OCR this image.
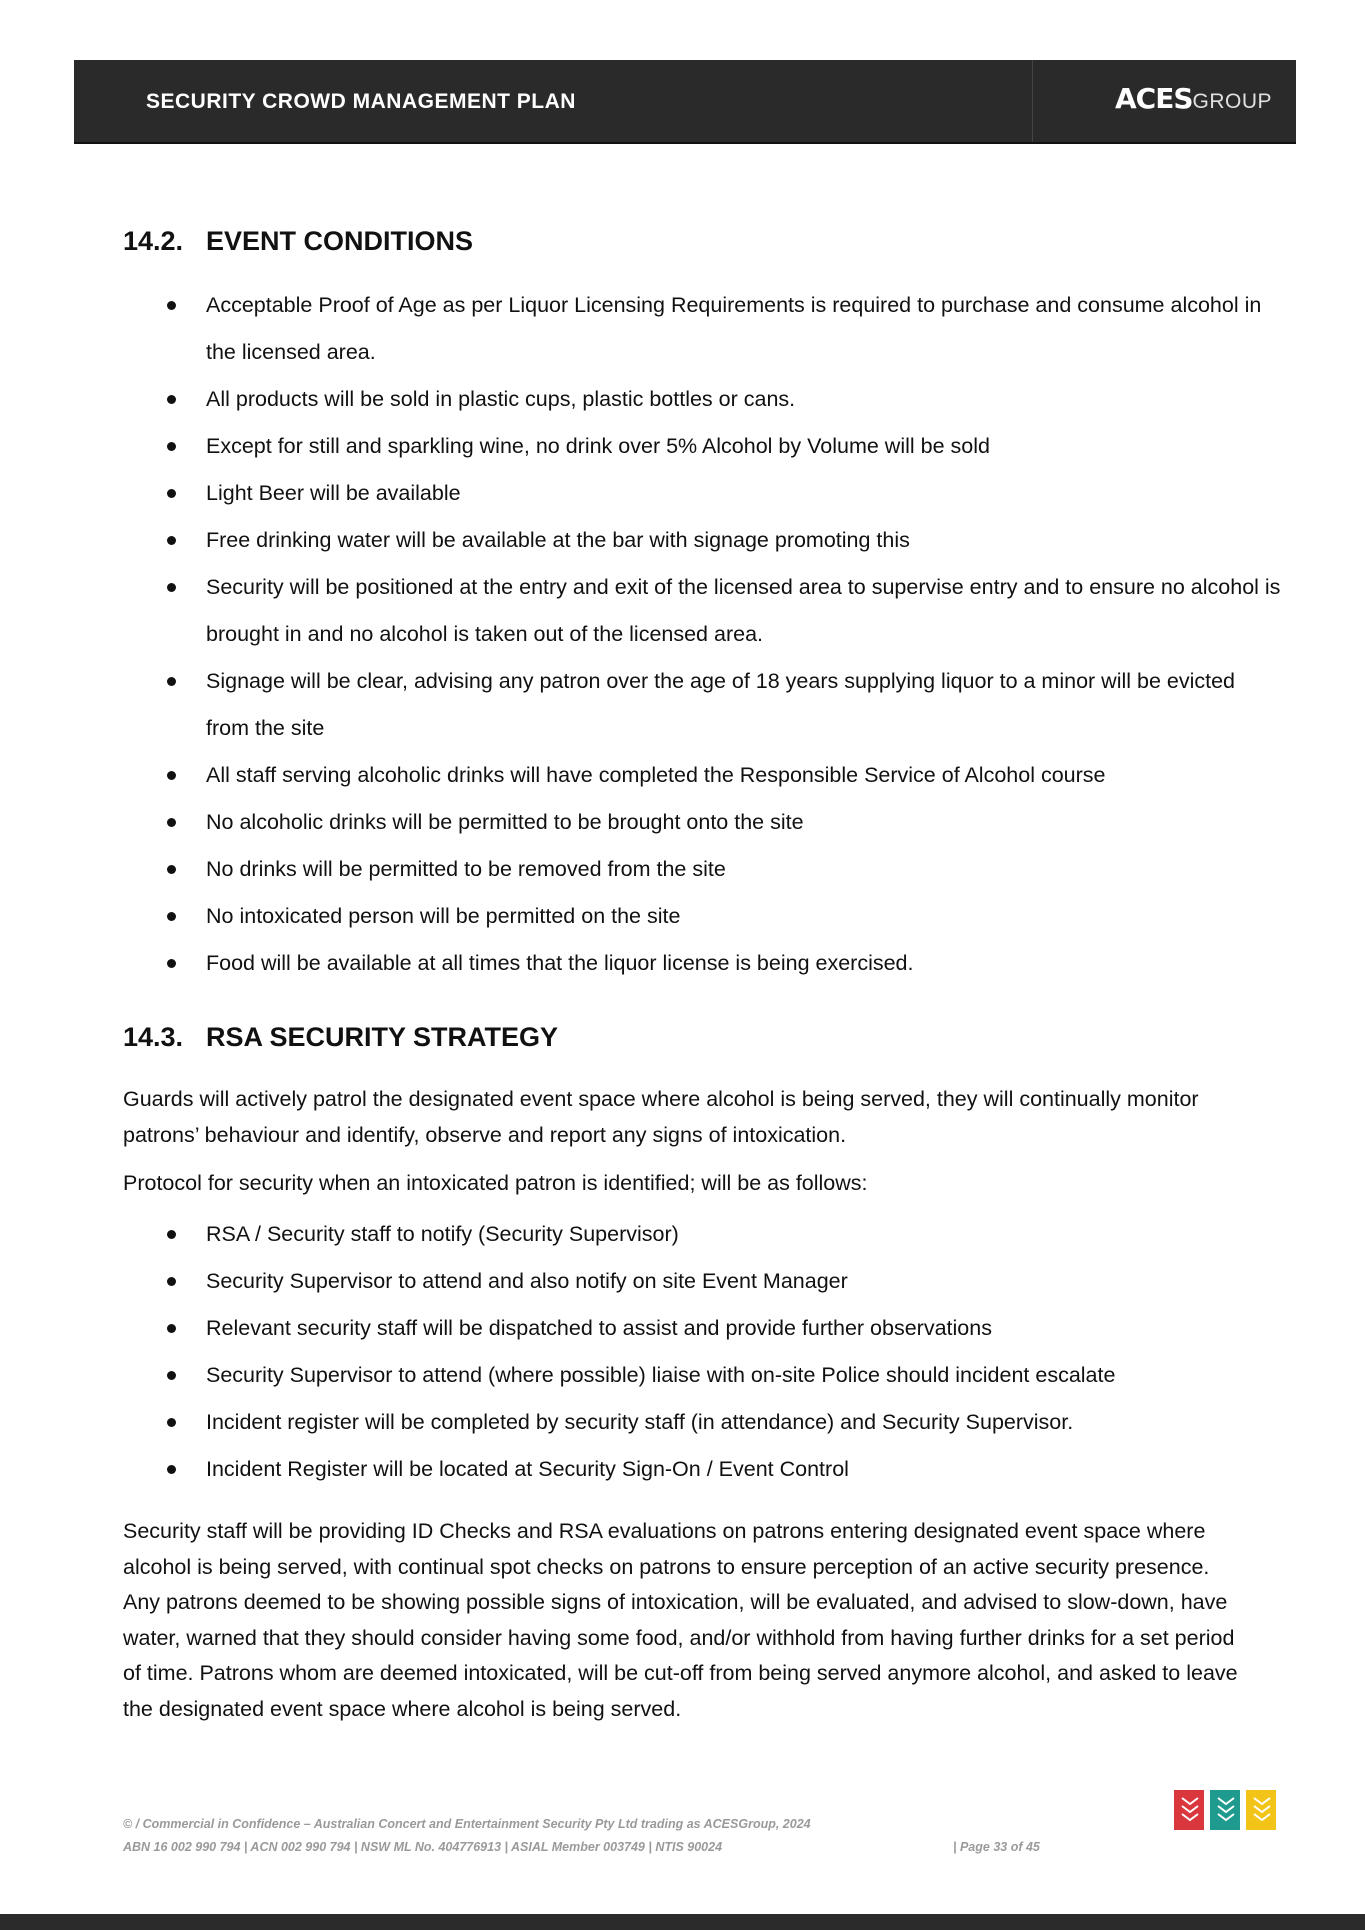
SECURITY CROWD MANAGEMENT PLAN	ACESGROUP
14.2. EVENT CONDITIONS
Acceptable Proof of Age as per Liquor Licensing Requirements is required to purchase and consume alcohol in the licensed area.
All products will be sold in plastic cups, plastic bottles or cans.
Except for still and sparkling wine, no drink over 5% Alcohol by Volume will be sold
Light Beer will be available
Free drinking water will be available at the bar with signage promoting this
Security will be positioned at the entry and exit of the licensed area to supervise entry and to ensure no alcohol is brought in and no alcohol is taken out of the licensed area.
Signage will be clear, advising any patron over the age of 18 years supplying liquor to a minor will be evicted from the site
All staff serving alcoholic drinks will have completed the Responsible Service of Alcohol course
No alcoholic drinks will be permitted to be brought onto the site
No drinks will be permitted to be removed from the site
No intoxicated person will be permitted on the site
Food will be available at all times that the liquor license is being exercised.
14.3. RSA SECURITY STRATEGY

Guards will actively patrol the designated event space where alcohol is being served, they will continually monitor patrons’ behaviour and identify, observe and report any signs of intoxication.

Protocol for security when an intoxicated patron is identified; will be as follows:

RSA / Security staff to notify (Security Supervisor)
Security Supervisor to attend and also notify on site Event Manager
Relevant security staff will be dispatched to assist and provide further observations
Security Supervisor to attend (where possible) liaise with on-site Police should incident escalate
Incident register will be completed by security staff (in attendance) and Security Supervisor.
Incident Register will be located at Security Sign-On / Event Control

Security staff will be providing ID Checks and RSA evaluations on patrons entering designated event space where alcohol is being served, with continual spot checks on patrons to ensure perception of an active security presence. Any patrons deemed to be showing possible signs of intoxication, will be evaluated, and advised to slow-down, have water, warned that they should consider having some food, and/or withhold from having further drinks for a set period of time. Patrons whom are deemed intoxicated, will be cut-off from being served anymore alcohol, and asked to leave the designated event space where alcohol is being served.

© / Commercial in Confidence – Australian Concert and Entertainment Security Pty Ltd trading as ACESGroup, 2024
ABN 16 002 990 794 | ACN 002 990 794 | NSW ML No. 404776913 | ASIAL Member 003749 | NTIS 90024	| Page 33 of 45
